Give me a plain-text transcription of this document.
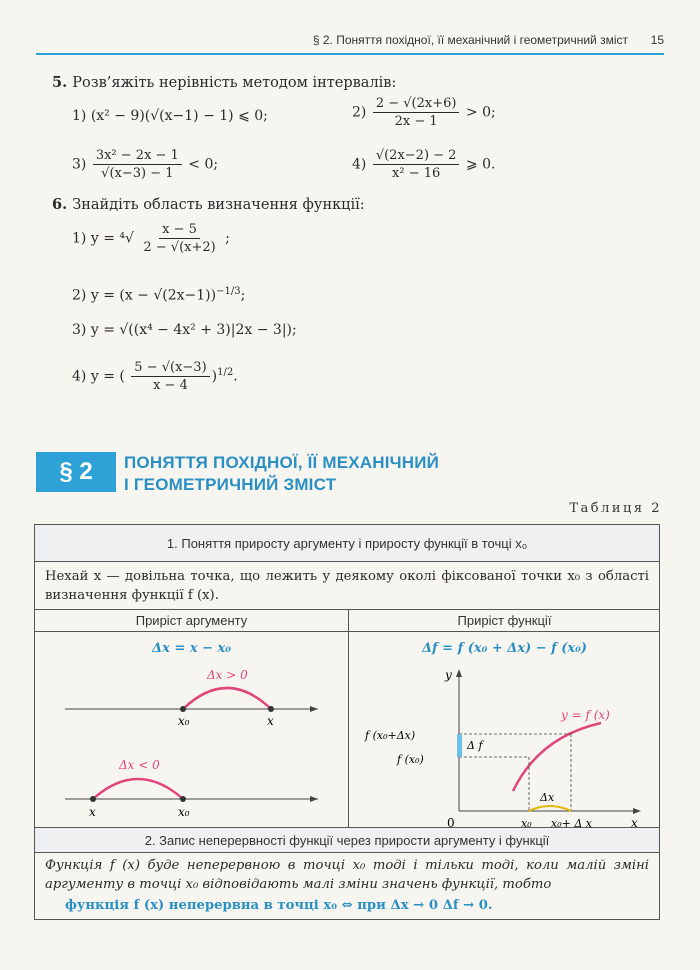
§ 2. Поняття похідної, її механічний і геометричний зміст 15
5. Розв’яжіть нерівність методом інтервалів:
1) (x² − 9)(√(x−1) − 1) ⩽ 0;	$2) \frac{2 - √(2x+6)}{2x - 1} > 0$;
$3) \frac{\text{3x² − 2x − 1}}{√(x-3) - 1} < 0$;	$4) \frac{√(2x-2) - 2}{\text{x² − 16}}$ ⩾ 0.
6. Знайдіть область визначення функції:
1) $y = ^4√ \frac{x - 5}{2 - √(x+2)}$ ;
2) $y = (x - √(2x-1))^{-1/3}$;
3) y = √((x⁴ − 4x² + 3)|2x − 3|);
4) y = ( $\frac{5 - √(x-3)}{x - 4} )^{1/2}$.
§ 2	ПОНЯТТЯ ПОХІДНОЇ, ЇЇ МЕХАНІЧНИЙ
І ГЕОМЕТРИЧНИЙ ЗМІСТ
Таблиця 2
1. Поняття приросту аргументу і приросту функції в точці x₀
Нехай x — довільна точка, що лежить у деякому околі фіксованої точки x₀ з області визначення функції f (x).
Приріст аргументу	Приріст функції
Δx = x − x₀	Δf = f (x₀ + Δx) − f (x₀)
Δx > 0
x₀	x
Δx < 0
x	x₀
y
x
0
y = f (x)
Δ f
f (x₀+Δx)
f (x₀)
Δx
x₀ x₀+ Δ x
2. Запис неперервності функції через прирости аргументу і функції
Функція f (x) буде неперервною в точці x₀ тоді і тільки тоді, коли малій зміні аргументу в точці x₀ відповідають малі зміни значень функції, тобто
функція f (x) неперервна в точці x₀ ⇔ при Δx → 0 Δf → 0.
